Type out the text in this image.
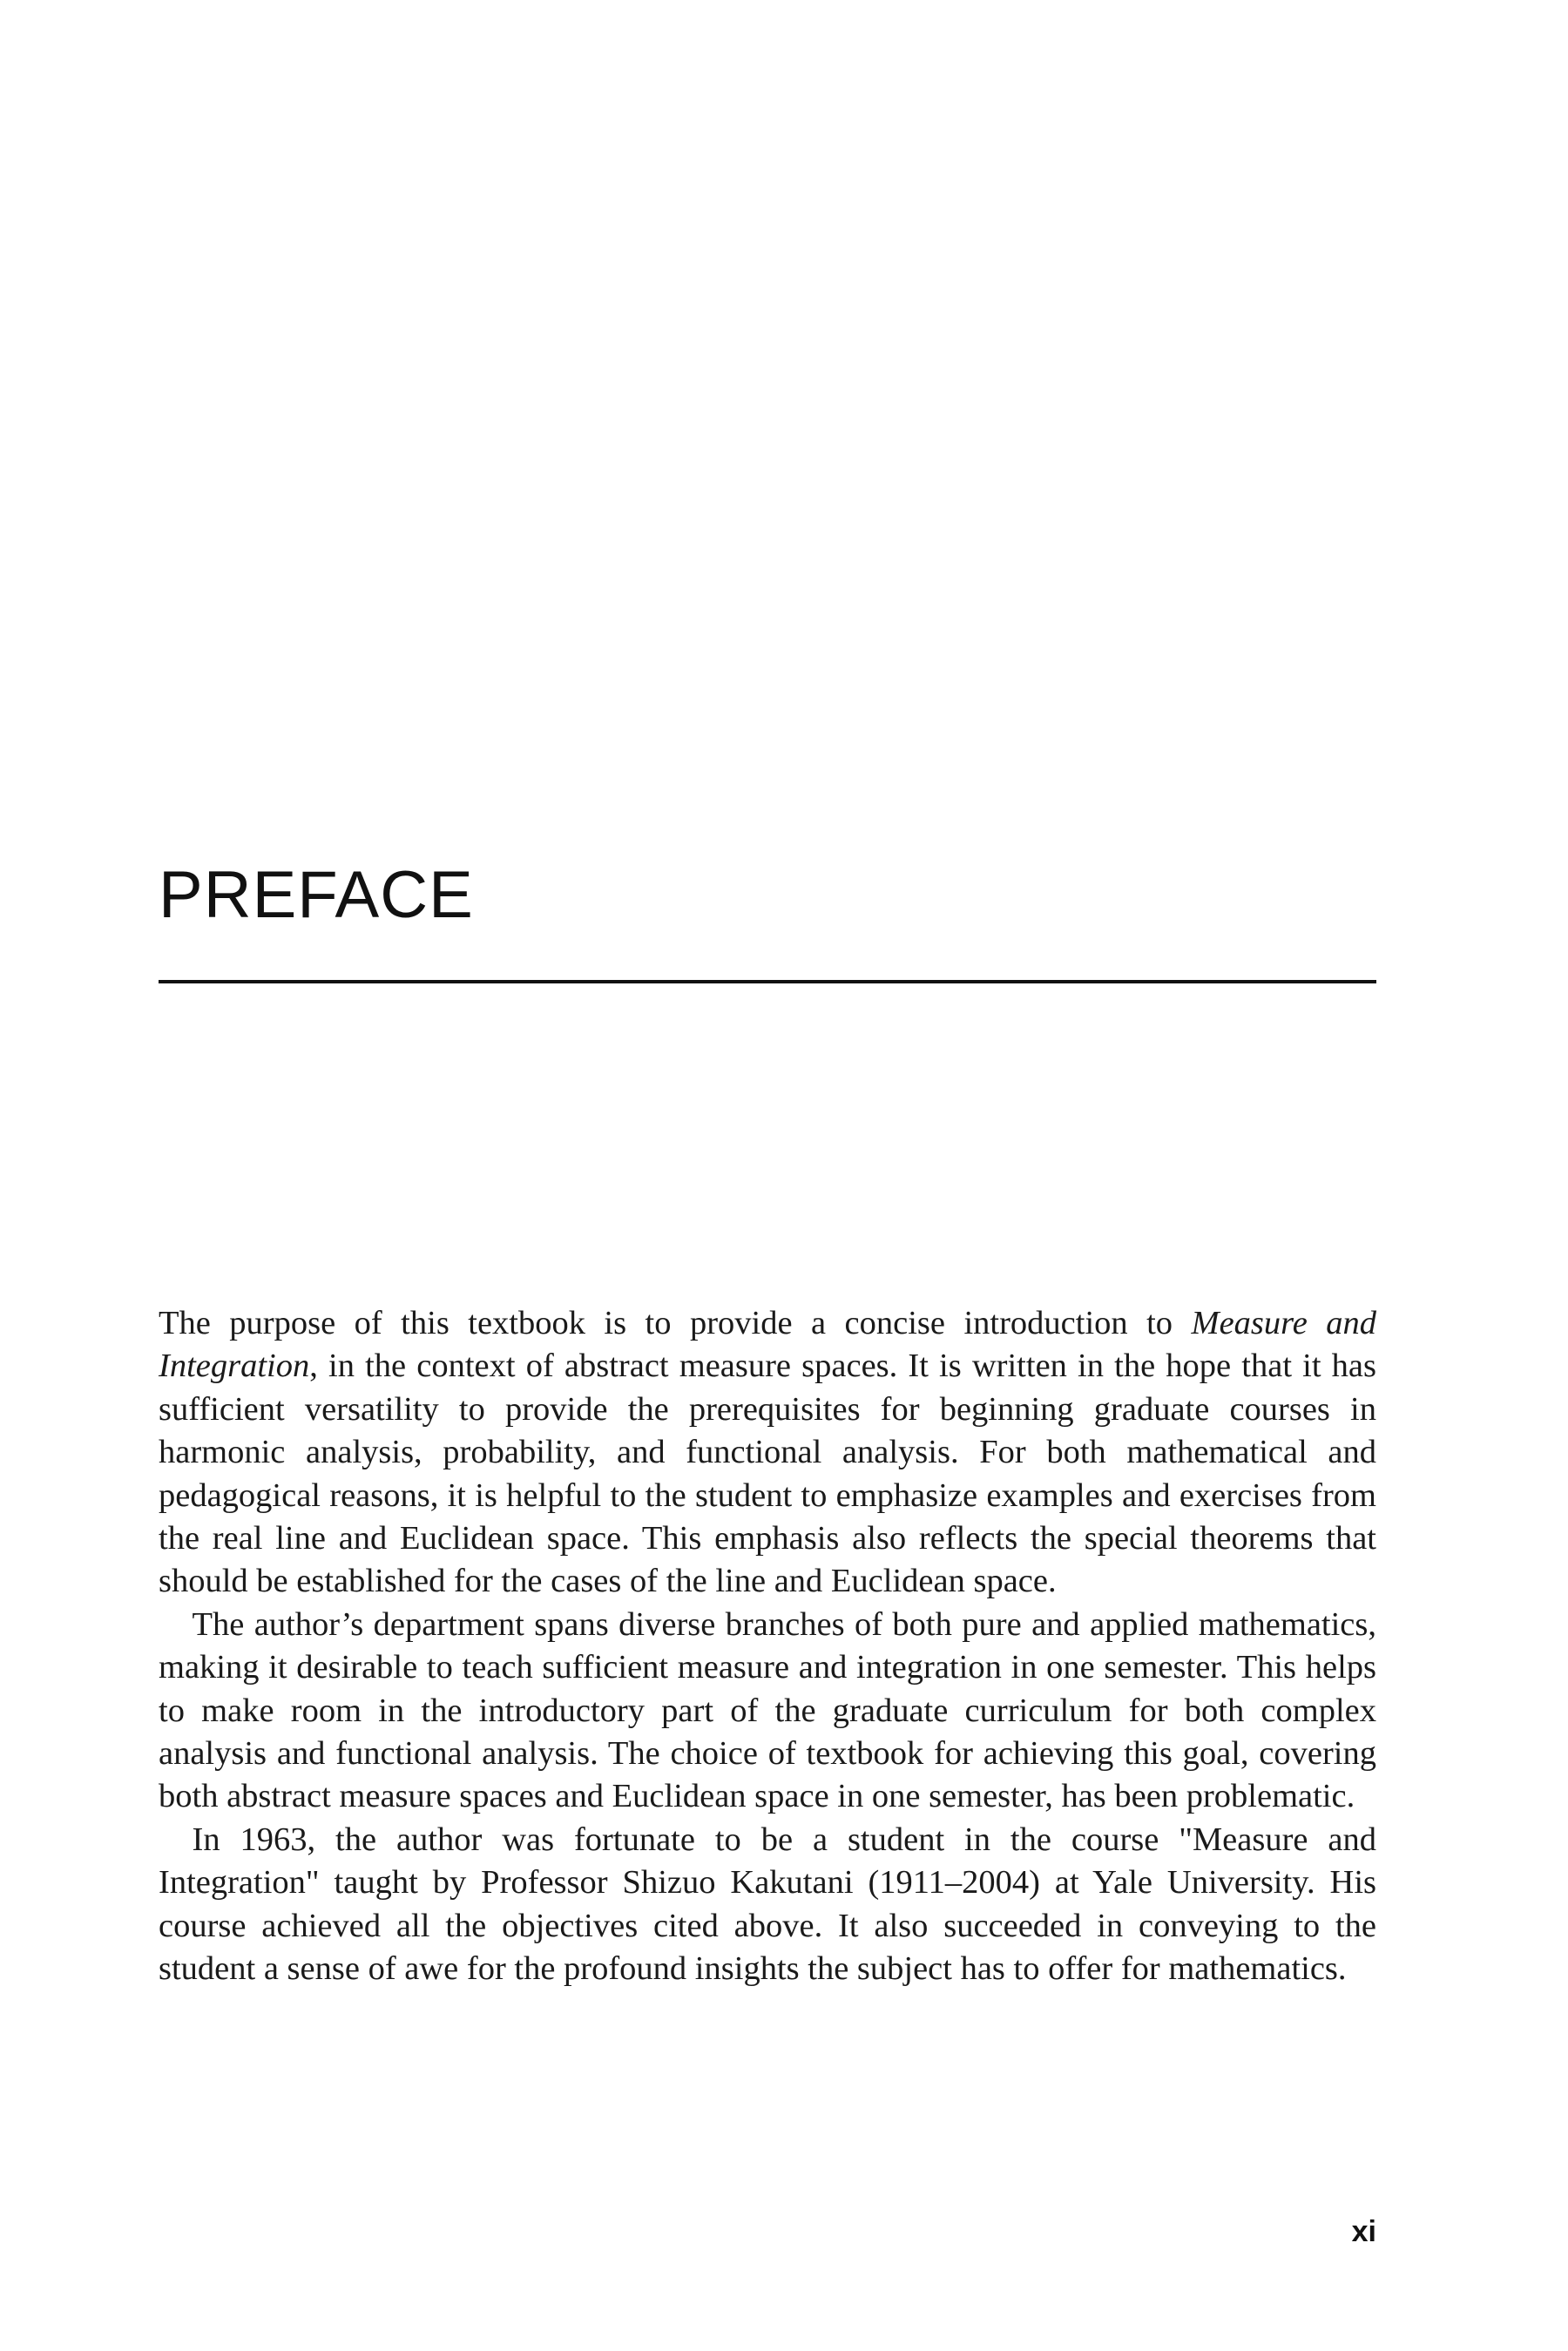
PREFACE

The purpose of this textbook is to provide a concise introduction to Measure and Integration, in the context of abstract measure spaces. It is written in the hope that it has sufficient versatility to provide the prerequisites for beginning graduate courses in harmonic analysis, probability, and functional analysis. For both mathematical and pedagogical reasons, it is helpful to the student to emphasize examples and exercises from the real line and Euclidean space. This emphasis also reflects the special theorems that should be established for the cases of the line and Euclidean space.

The author’s department spans diverse branches of both pure and applied mathematics, making it desirable to teach sufficient measure and integration in one semester. This helps to make room in the introductory part of the graduate curriculum for both complex analysis and functional analysis. The choice of textbook for achieving this goal, covering both abstract measure spaces and Euclidean space in one semester, has been problematic.

In 1963, the author was fortunate to be a student in the course "Measure and Integration" taught by Professor Shizuo Kakutani (1911–2004) at Yale University. His course achieved all the objectives cited above. It also succeeded in conveying to the student a sense of awe for the profound insights the subject has to offer for mathematics.

xi
